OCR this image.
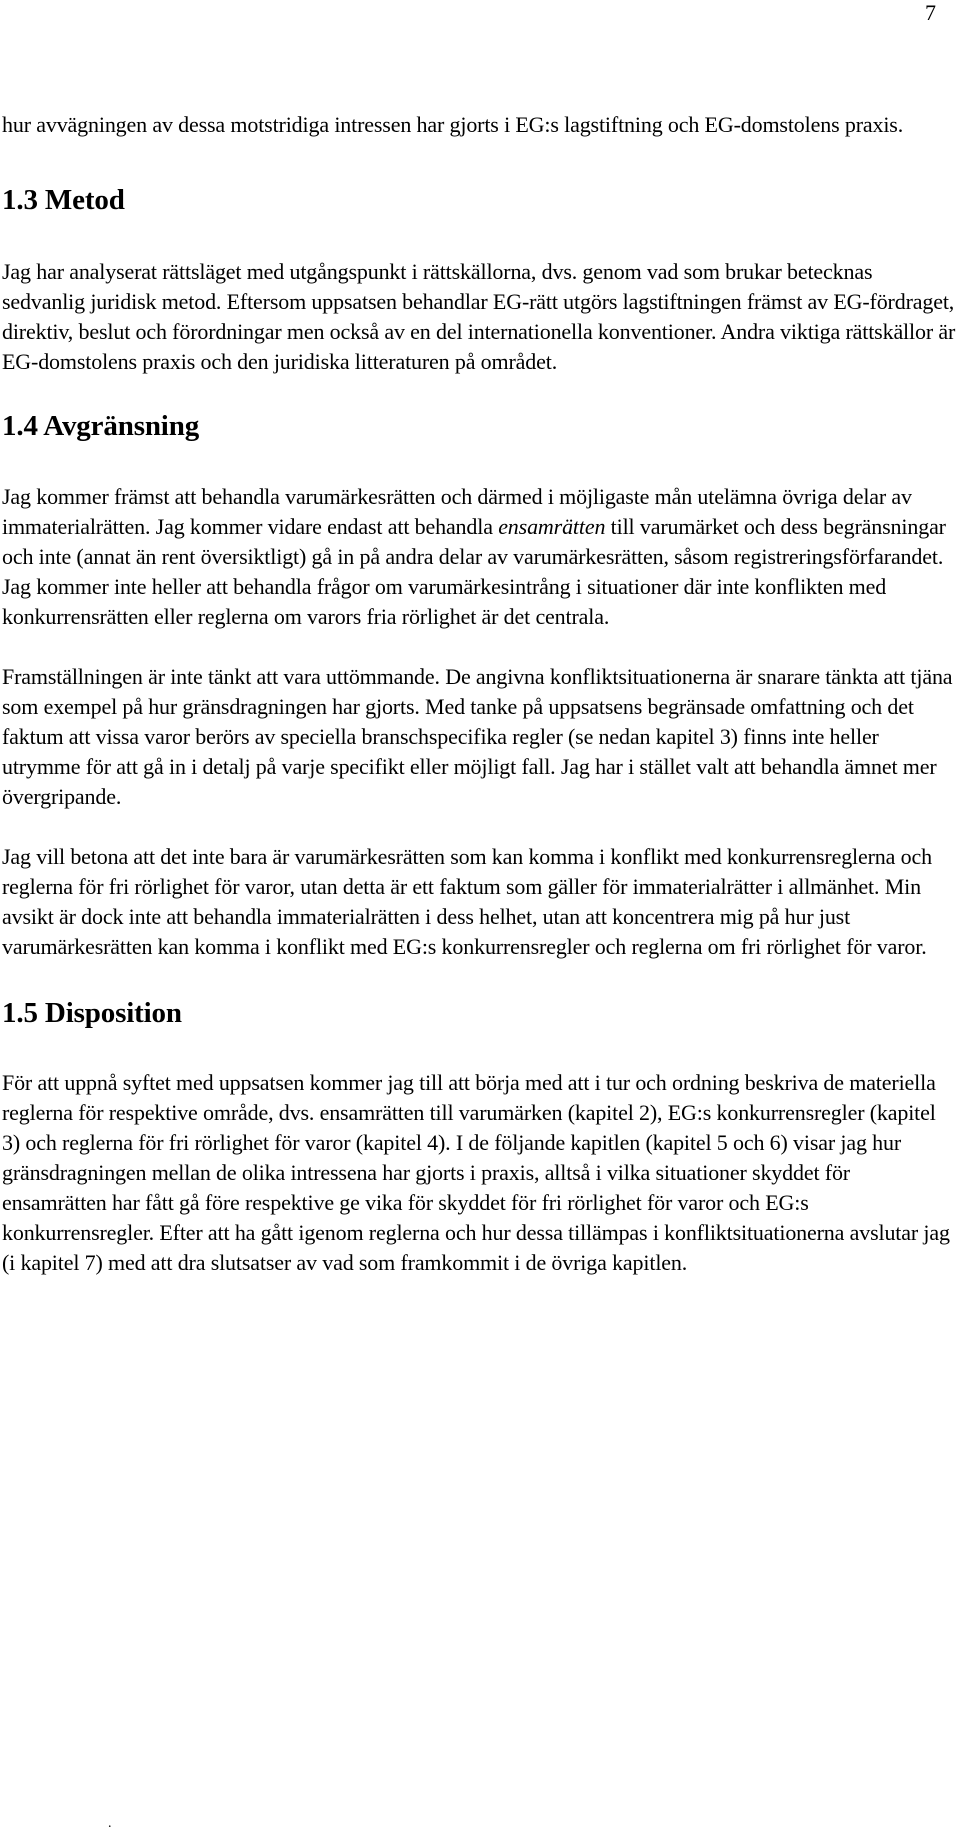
7

hur avvägningen av dessa motstridiga intressen har gjorts i EG:s lagstiftning och EG-domstolens praxis.

1.3 Metod

Jag har analyserat rättsläget med utgångspunkt i rättskällorna, dvs. genom vad som brukar betecknas sedvanlig juridisk metod. Eftersom uppsatsen behandlar EG-rätt utgörs lagstiftningen främst av EG-fördraget, direktiv, beslut och förordningar men också av en del internationella konventioner. Andra viktiga rättskällor är EG-domstolens praxis och den juridiska litteraturen på området.

1.4 Avgränsning

Jag kommer främst att behandla varumärkesrätten och därmed i möjligaste mån utelämna övriga delar av immaterialrätten. Jag kommer vidare endast att behandla ensamrätten till varumärket och dess begränsningar och inte (annat än rent översiktligt) gå in på andra delar av varumärkesrätten, såsom registreringsförfarandet. Jag kommer inte heller att behandla frågor om varumärkesintrång i situationer där inte konflikten med konkurrensrätten eller reglerna om varors fria rörlighet är det centrala.

Framställningen är inte tänkt att vara uttömmande. De angivna konfliktsituationerna är snarare tänkta att tjäna som exempel på hur gränsdragningen har gjorts. Med tanke på uppsatsens begränsade omfattning och det faktum att vissa varor berörs av speciella branschspecifika regler (se nedan kapitel 3) finns inte heller utrymme för att gå in i detalj på varje specifikt eller möjligt fall. Jag har i stället valt att behandla ämnet mer övergripande.

Jag vill betona att det inte bara är varumärkesrätten som kan komma i konflikt med konkurrensreglerna och reglerna för fri rörlighet för varor, utan detta är ett faktum som gäller för immaterialrätter i allmänhet. Min avsikt är dock inte att behandla immaterialrätten i dess helhet, utan att koncentrera mig på hur just varumärkesrätten kan komma i konflikt med EG:s konkurrensregler och reglerna om fri rörlighet för varor.

1.5 Disposition

För att uppnå syftet med uppsatsen kommer jag till att börja med att i tur och ordning beskriva de materiella reglerna för respektive område, dvs. ensamrätten till varumärken (kapitel 2), EG:s konkurrensregler (kapitel 3) och reglerna för fri rörlighet för varor (kapitel 4). I de följande kapitlen (kapitel 5 och 6) visar jag hur gränsdragningen mellan de olika intressena har gjorts i praxis, alltså i vilka situationer skyddet för ensamrätten har fått gå före respektive ge vika för skyddet för fri rörlighet för varor och EG:s konkurrensregler. Efter att ha gått igenom reglerna och hur dessa tillämpas i konfliktsituationerna avslutar jag (i kapitel 7) med att dra slutsatser av vad som framkommit i de övriga kapitlen.

.
